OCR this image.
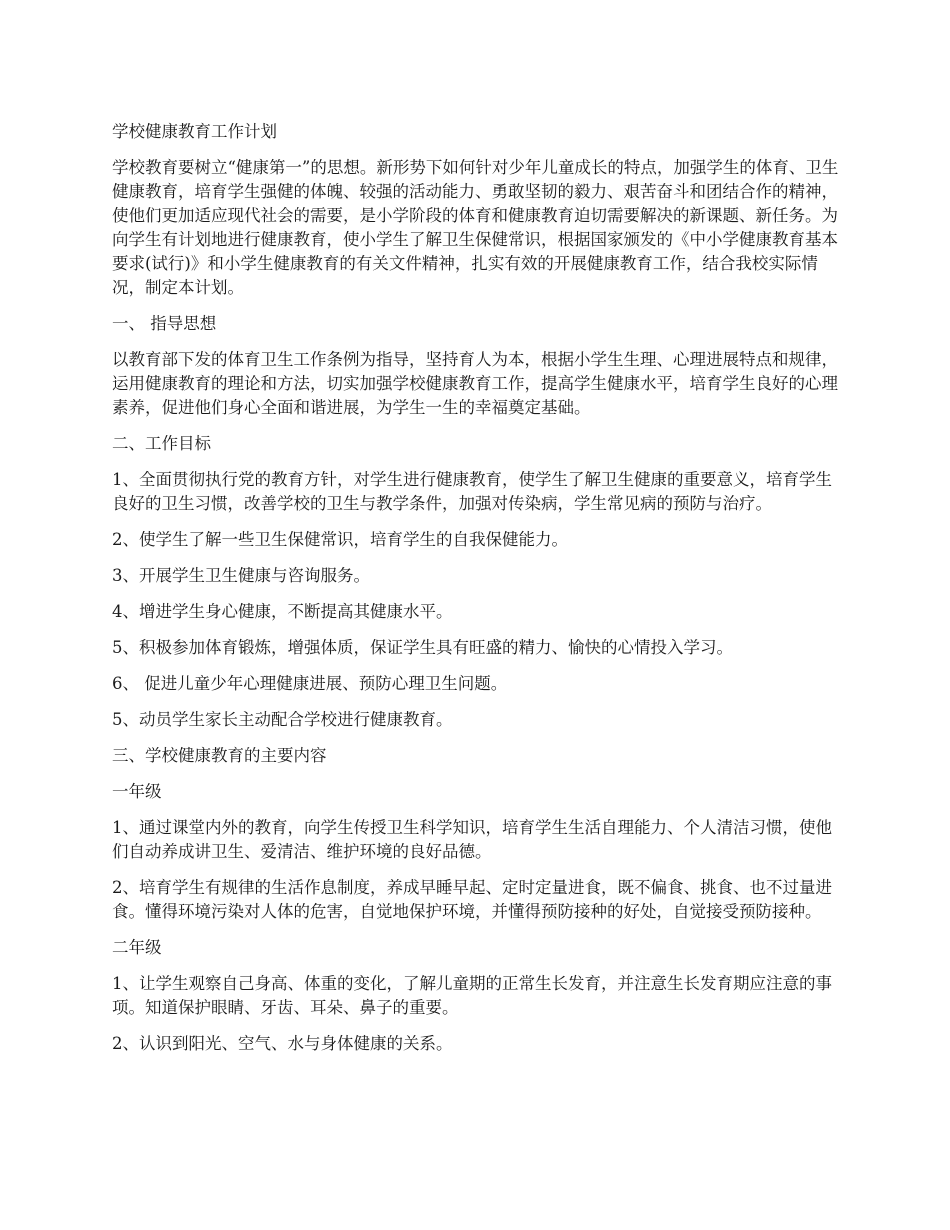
学校健康教育工作计划
学校教育要树立“健康第一”的思想。新形势下如何针对少年儿童成长的特点，加强学生的体育、卫生健康教育，培育学生强健的体魄、较强的活动能力、勇敢坚韧的毅力、艰苦奋斗和团结合作的精神，使他们更加适应现代社会的需要，是小学阶段的体育和健康教育迫切需要解决的新课题、新任务。为向学生有计划地进行健康教育，使小学生了解卫生保健常识，根据国家颁发的《中小学健康教育基本要求(试行)》和小学生健康教育的有关文件精神，扎实有效的开展健康教育工作，结合我校实际情况，制定本计划。
一、 指导思想
以教育部下发的体育卫生工作条例为指导，坚持育人为本，根据小学生生理、心理进展特点和规律，运用健康教育的理论和方法，切实加强学校健康教育工作，提高学生健康水平，培育学生良好的心理素养，促进他们身心全面和谐进展，为学生一生的幸福奠定基础。
二、工作目标
1、全面贯彻执行党的教育方针，对学生进行健康教育，使学生了解卫生健康的重要意义，培育学生良好的卫生习惯，改善学校的卫生与教学条件，加强对传染病，学生常见病的预防与治疗。
2、使学生了解一些卫生保健常识，培育学生的自我保健能力。
3、开展学生卫生健康与咨询服务。
4、增进学生身心健康，不断提高其健康水平。
5、积极参加体育锻炼，增强体质，保证学生具有旺盛的精力、愉快的心情投入学习。
6、 促进儿童少年心理健康进展、预防心理卫生问题。
5、动员学生家长主动配合学校进行健康教育。
三、学校健康教育的主要内容
一年级
1、通过课堂内外的教育，向学生传授卫生科学知识，培育学生生活自理能力、个人清洁习惯，使他们自动养成讲卫生、爱清洁、维护环境的良好品德。
2、培育学生有规律的生活作息制度，养成早睡早起、定时定量进食，既不偏食、挑食、也不过量进食。懂得环境污染对人体的危害，自觉地保护环境，并懂得预防接种的好处，自觉接受预防接种。
二年级
1、让学生观察自己身高、体重的变化，了解儿童期的正常生长发育，并注意生长发育期应注意的事项。知道保护眼睛、牙齿、耳朵、鼻子的重要。
2、认识到阳光、空气、水与身体健康的关系。
